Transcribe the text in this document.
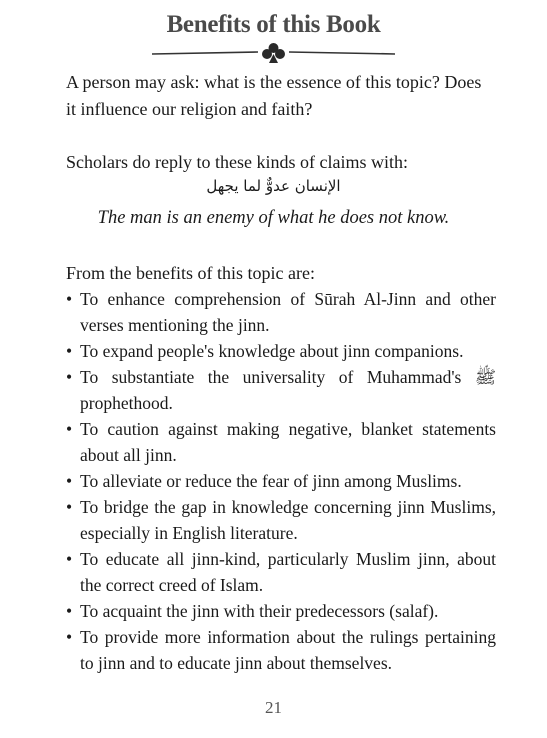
Benefits of this Book
A person may ask: what is the essence of this topic? Does it influence our religion and faith?
Scholars do reply to these kinds of claims with:
الإنسان عدوٌّ لما يجهل
The man is an enemy of what he does not know.
From the benefits of this topic are:
• To enhance comprehension of Sūrah Al-Jinn and other verses mentioning the jinn.
• To expand people's knowledge about jinn companions.
• To substantiate the universality of Muhammad's ﷺ prophethood.
• To caution against making negative, blanket statements about all jinn.
• To alleviate or reduce the fear of jinn among Muslims.
• To bridge the gap in knowledge concerning jinn Muslims, especially in English literature.
• To educate all jinn-kind, particularly Muslim jinn, about the correct creed of Islam.
• To acquaint the jinn with their predecessors (salaf).
• To provide more information about the rulings pertaining to jinn and to educate jinn about themselves.
21
